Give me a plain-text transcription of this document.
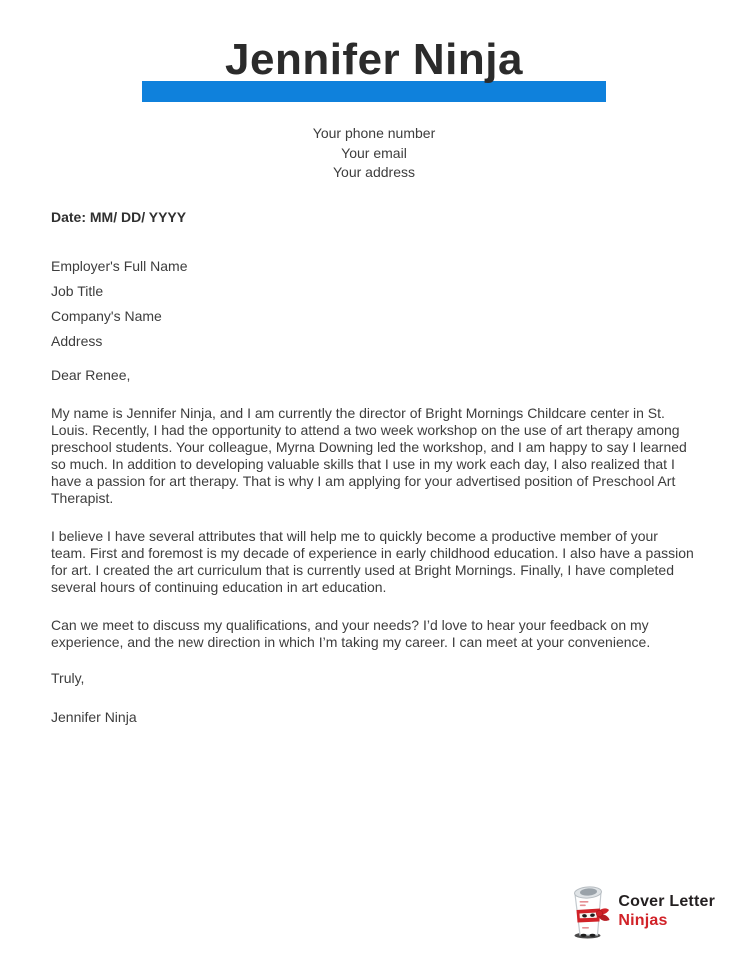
Jennifer Ninja
Your phone number
Your email
Your address
Date: MM/ DD/ YYYY
Employer's Full Name
Job Title
Company's Name
Address
Dear Renee,
My name is Jennifer Ninja, and I am currently the director of Bright Mornings Childcare center in St. Louis. Recently, I had the opportunity to attend a two week workshop on the use of art therapy among preschool students. Your colleague, Myrna Downing led the workshop, and I am happy to say I learned so much. In addition to developing valuable skills that I use in my work each day, I also realized that I have a passion for art therapy. That is why I am applying for your advertised position of Preschool Art Therapist.
I believe I have several attributes that will help me to quickly become a productive member of your team. First and foremost is my decade of experience in early childhood education. I also have a passion for art. I created the art curriculum that is currently used at Bright Mornings. Finally, I have completed several hours of continuing education in art education.
Can we meet to discuss my qualifications, and your needs? I’d love to hear your feedback on my experience, and the new direction in which I’m taking my career. I can meet at your convenience.
Truly,
Jennifer Ninja
Cover Letter
Ninjas
